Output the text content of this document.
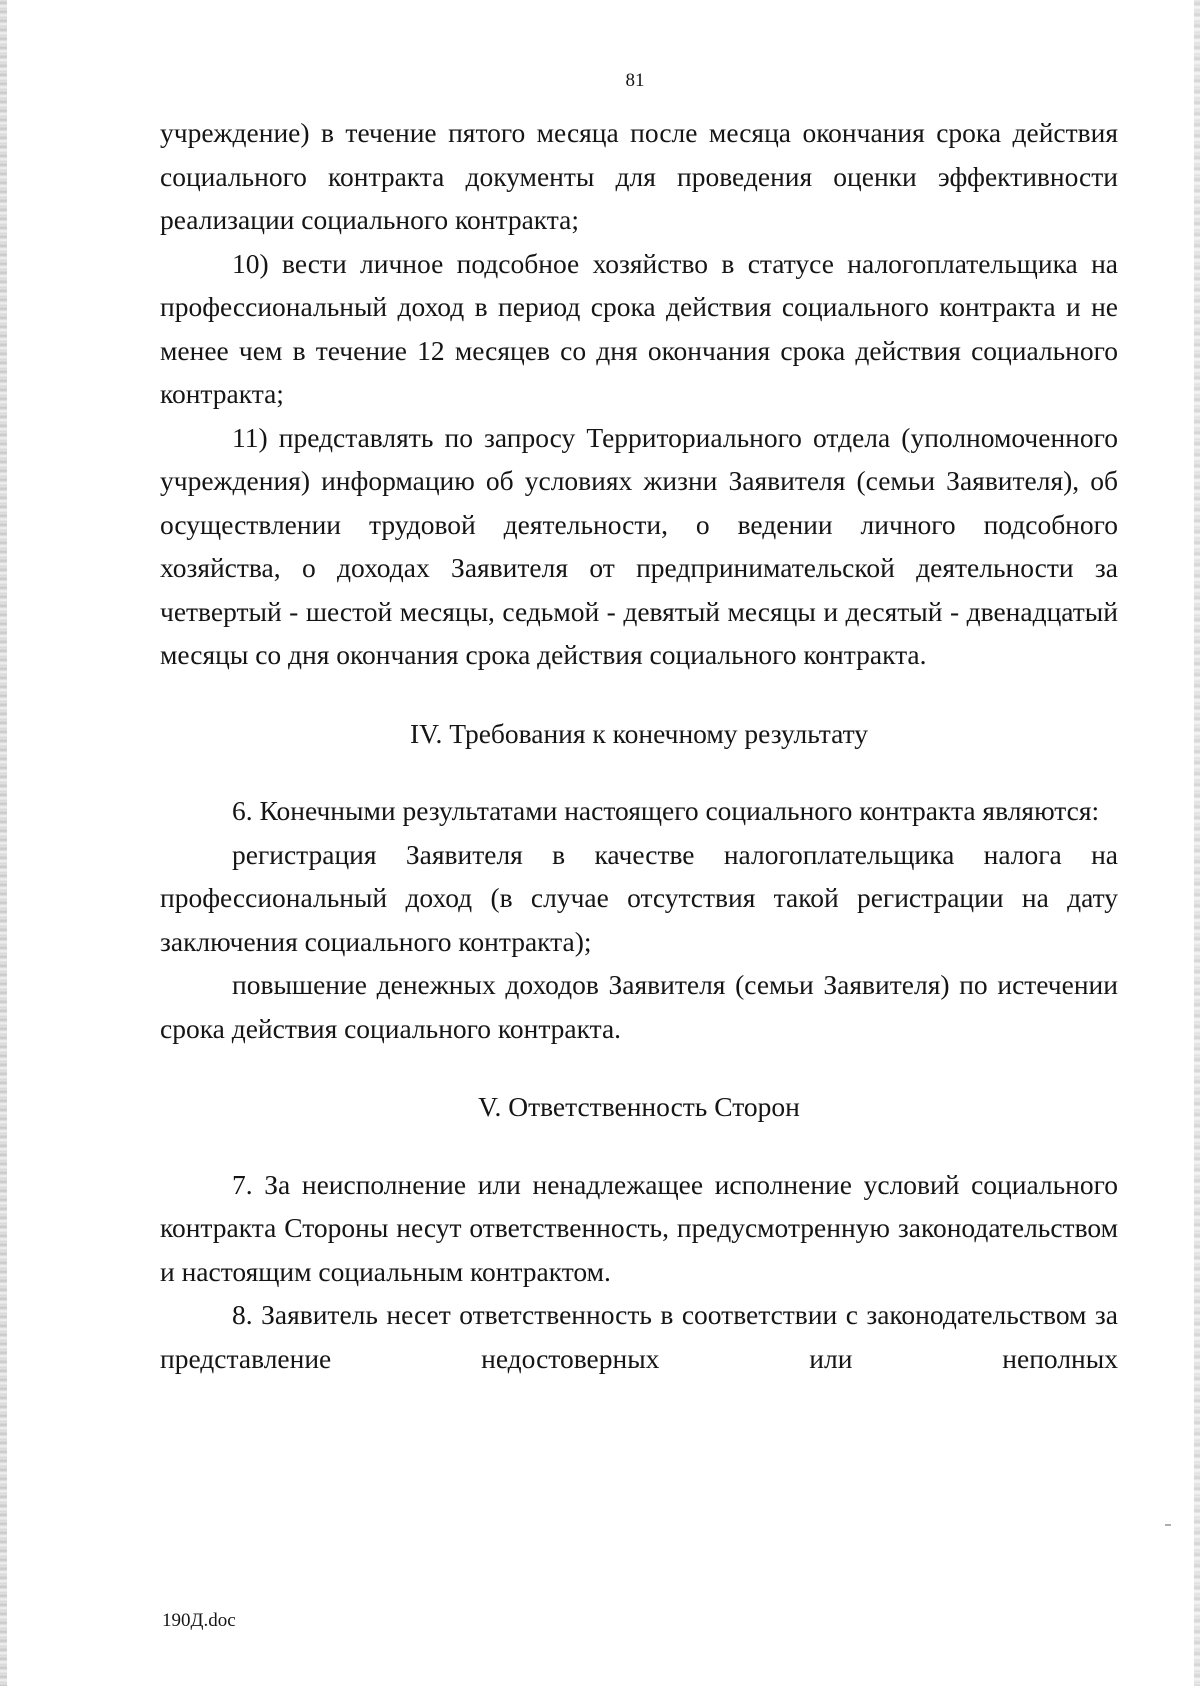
81

учреждение) в течение пятого месяца после месяца окончания срока действия социального контракта документы для проведения оценки эффективности реализации социального контракта;

10) вести личное подсобное хозяйство в статусе налогоплательщика на профессиональный доход в период срока действия социального контракта и не менее чем в течение 12 месяцев со дня окончания срока действия социального контракта;

11) представлять по запросу Территориального отдела (уполномоченного учреждения) информацию об условиях жизни Заявителя (семьи Заявителя), об осуществлении трудовой деятельности, о ведении личного подсобного хозяйства, о доходах Заявителя от предпринимательской деятельности за четвертый - шестой месяцы, седьмой - девятый месяцы и десятый - двенадцатый месяцы со дня окончания срока действия социального контракта.

IV. Требования к конечному результату

6. Конечными результатами настоящего социального контракта являются:

регистрация Заявителя в качестве налогоплательщика налога на профессиональный доход (в случае отсутствия такой регистрации на дату заключения социального контракта);

повышение денежных доходов Заявителя (семьи Заявителя) по истечении срока действия социального контракта.

V. Ответственность Сторон

7. За неисполнение или ненадлежащее исполнение условий социального контракта Стороны несут ответственность, предусмотренную законодательством и настоящим социальным контрактом.

8. Заявитель несет ответственность в соответствии с законодательством за представление недостоверных или неполных

190Д.doc
